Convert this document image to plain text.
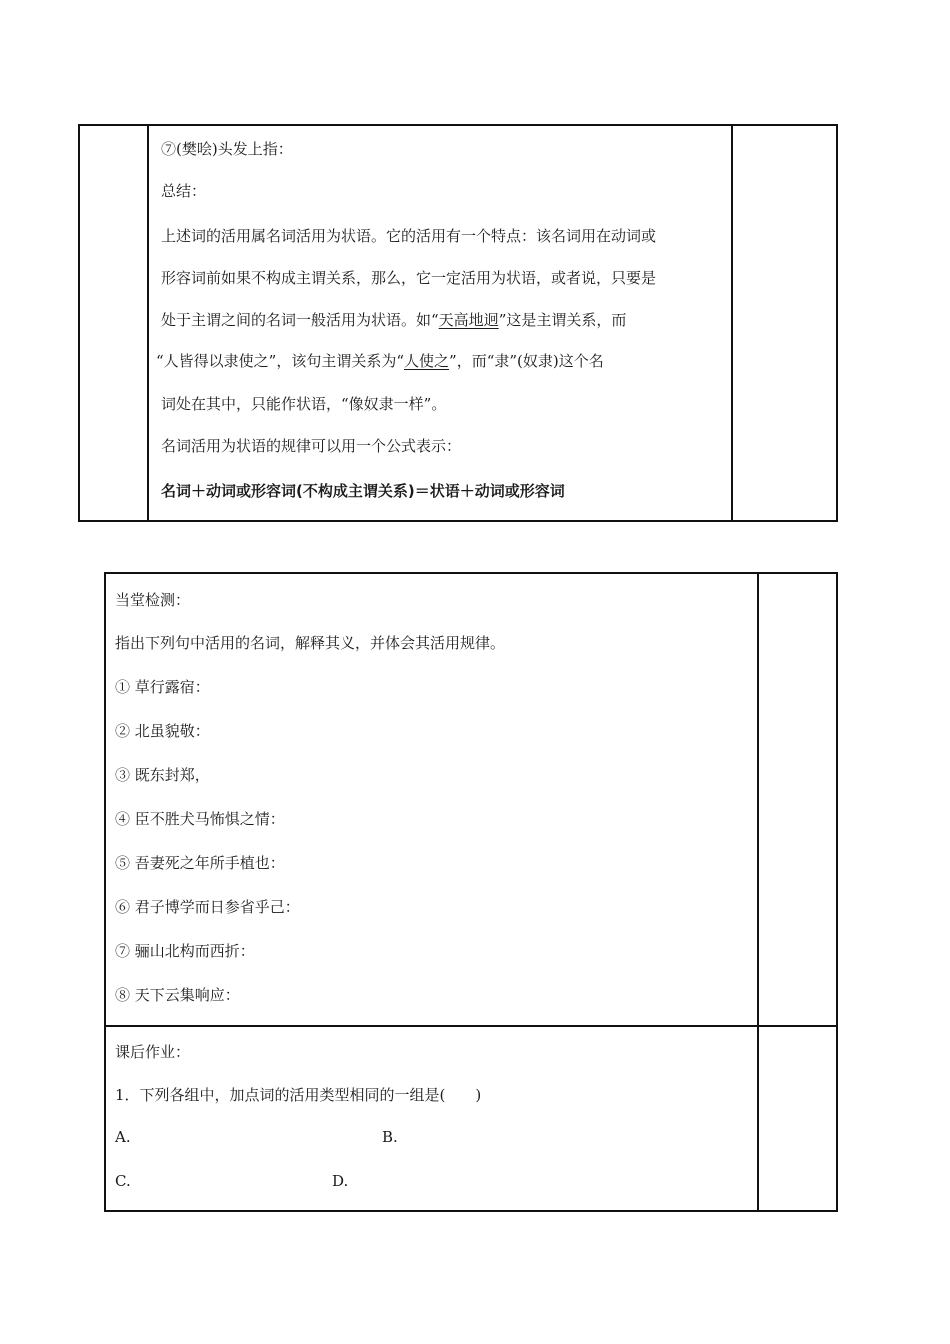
⑦(樊哙)头发上指：
总结：
上述词的活用属名词活用为状语。它的活用有一个特点：该名词用在动词或
形容词前如果不构成主谓关系，那么，它一定活用为状语，或者说，只要是
处于主谓之间的名词一般活用为状语。如“天高地迥”这是主谓关系，而
“人皆得以隶使之”，该句主谓关系为“人使之”，而“隶”(奴隶)这个名
词处在其中，只能作状语，“像奴隶一样”。
名词活用为状语的规律可以用一个公式表示：
名词＋动词或形容词(不构成主谓关系)＝状语＋动词或形容词
当堂检测：
指出下列句中活用的名词，解释其义，并体会其活用规律。
① 草行露宿：
② 北虽貌敬：
③ 既东封郑，
④ 臣不胜犬马怖惧之情：
⑤ 吾妻死之年所手植也：
⑥ 君子博学而日参省乎己：
⑦ 骊山北构而西折：
⑧ 天下云集响应：
课后作业：
1．下列各组中，加点词的活用类型相同的一组是(　　)
A.	B.
C.	D.
